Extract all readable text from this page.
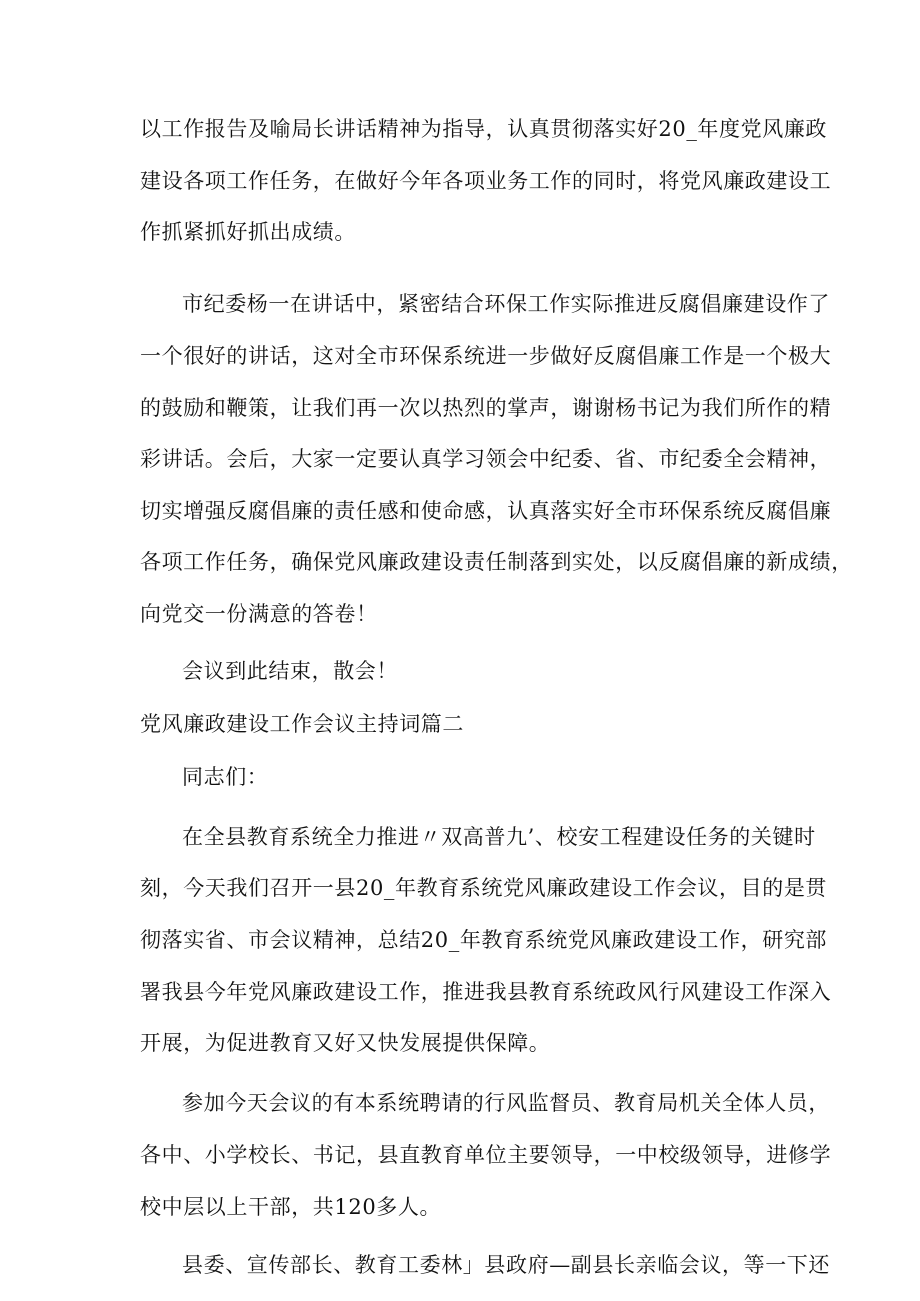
以工作报告及喻局长讲话精神为指导，认真贯彻落实好20_年度党风廉政
建设各项工作任务，在做好今年各项业务工作的同时，将党风廉政建设工
作抓紧抓好抓出成绩。
市纪委杨一在讲话中，紧密结合环保工作实际推进反腐倡廉建设作了
一个很好的讲话，这对全市环保系统进一步做好反腐倡廉工作是一个极大
的鼓励和鞭策，让我们再一次以热烈的掌声，谢谢杨书记为我们所作的精
彩讲话。会后，大家一定要认真学习领会中纪委、省、市纪委全会精神，
切实增强反腐倡廉的责任感和使命感，认真落实好全市环保系统反腐倡廉
各项工作任务，确保党风廉政建设责任制落到实处，以反腐倡廉的新成绩，
向党交一份满意的答卷！
会议到此结束，散会！
党风廉政建设工作会议主持词篇二
同志们：
在全县教育系统全力推进〃双高普九’、校安工程建设任务的关键时
刻，今天我们召开一县20_年教育系统党风廉政建设工作会议，目的是贯
彻落实省、市会议精神，总结20_年教育系统党风廉政建设工作，研究部
署我县今年党风廉政建设工作，推进我县教育系统政风行风建设工作深入
开展，为促进教育又好又快发展提供保障。
参加今天会议的有本系统聘请的行风监督员、教育局机关全体人员，
各中、小学校长、书记，县直教育单位主要领导，一中校级领导，进修学
校中层以上干部，共120多人。
县委、宣传部长、教育工委林」县政府—副县长亲临会议，等一下还
